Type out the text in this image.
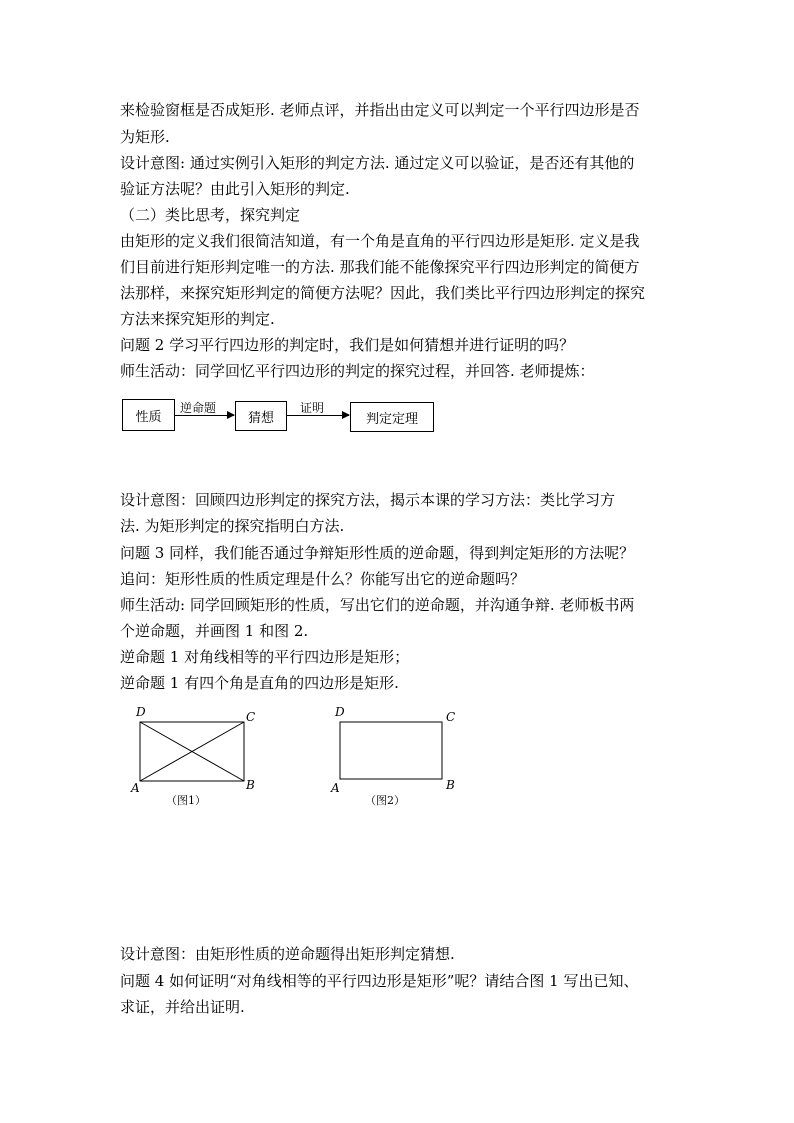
来检验窗框是否成矩形. 老师点评，并指出由定义可以判定一个平行四边形是否
为矩形.
设计意图: 通过实例引入矩形的判定方法. 通过定义可以验证，是否还有其他的
验证方法呢？由此引入矩形的判定.
（二）类比思考，探究判定
由矩形的定义我们很简洁知道，有一个角是直角的平行四边形是矩形. 定义是我
们目前进行矩形判定唯一的方法. 那我们能不能像探究平行四边形判定的简便方
法那样，来探究矩形判定的简便方法呢？因此，我们类比平行四边形判定的探究
方法来探究矩形的判定.
问题 2 学习平行四边形的判定时，我们是如何猜想并进行证明的吗？
师生活动：同学回忆平行四边形的判定的探究过程，并回答. 老师提炼：
性质
逆命题
猜想
证明
判定定理
设计意图：回顾四边形判定的探究方法，揭示本课的学习方法：类比学习方
法. 为矩形判定的探究指明白方法.
问题 3 同样，我们能否通过争辩矩形性质的逆命题，得到判定矩形的方法呢？
追问：矩形性质的性质定理是什么？你能写出它的逆命题吗？
师生活动: 同学回顾矩形的性质，写出它们的逆命题，并沟通争辩. 老师板书两
个逆命题，并画图 1 和图 2.
逆命题 1 对角线相等的平行四边形是矩形；
逆命题 1 有四个角是直角的四边形是矩形.
D	C
A	B
（图1）
D	C
A	B
（图2）
设计意图：由矩形性质的逆命题得出矩形判定猜想.
问题 4 如何证明“对角线相等的平行四边形是矩形”呢？请结合图 1 写出已知、
求证，并给出证明.
